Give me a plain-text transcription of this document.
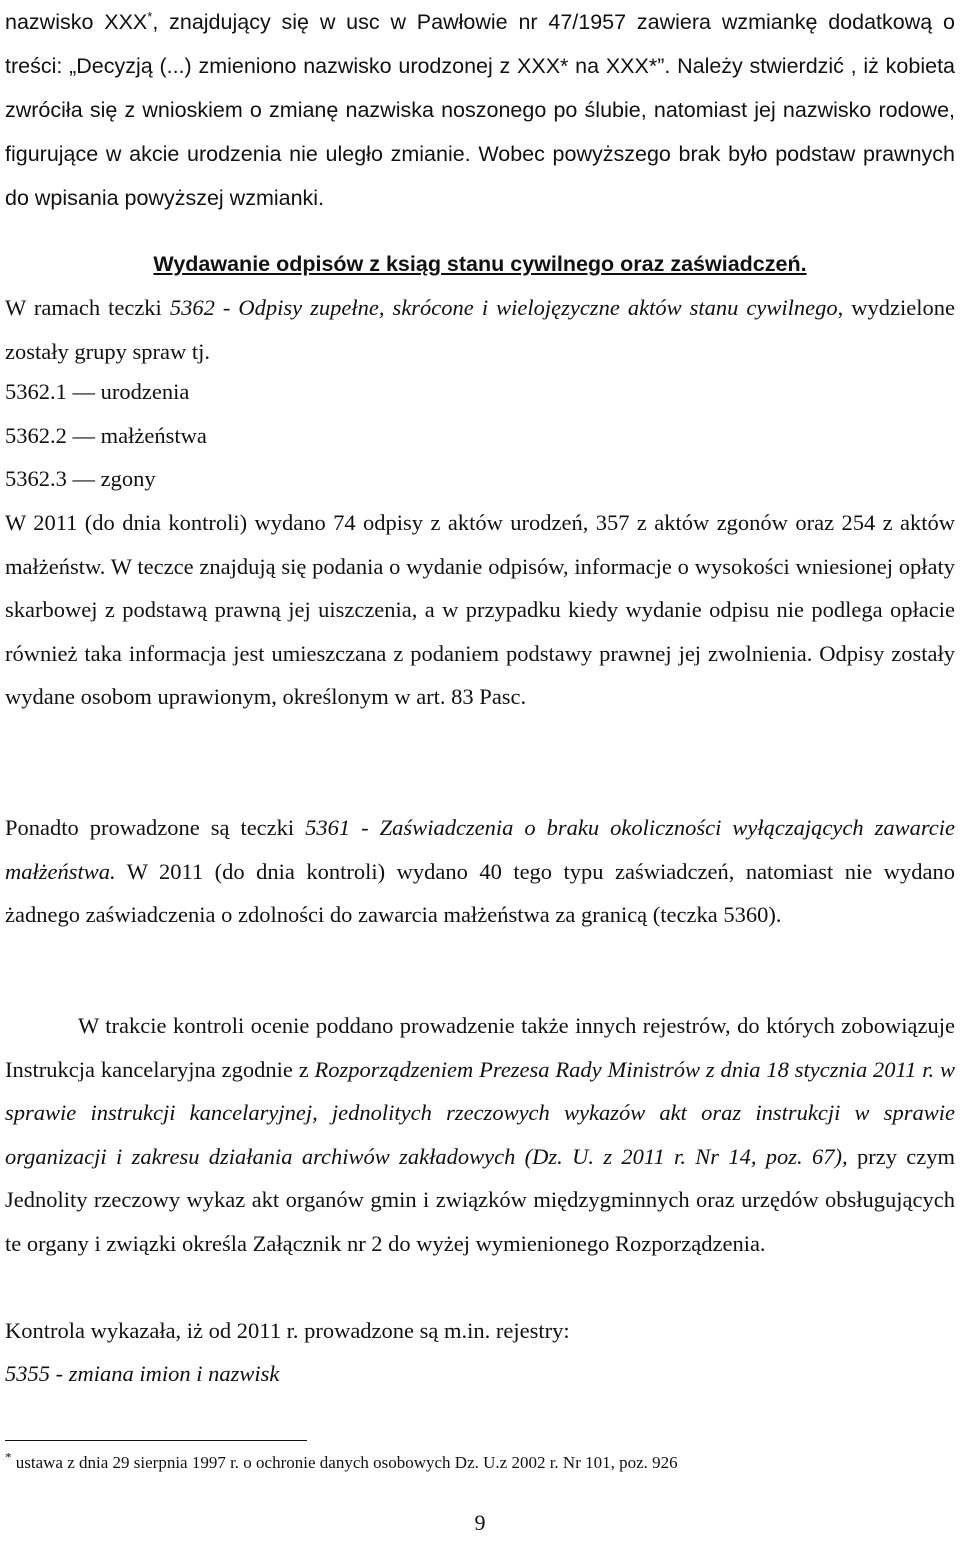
nazwisko XXX*, znajdujący się w usc w Pawłowie nr 47/1957 zawiera wzmiankę dodatkową o treści: „Decyzją (...) zmieniono nazwisko urodzonej z XXX* na XXX*”. Należy stwierdzić , iż kobieta zwróciła się z wnioskiem o zmianę nazwiska noszonego po ślubie, natomiast jej nazwisko rodowe, figurujące w akcie urodzenia nie uległo zmianie. Wobec powyższego brak było podstaw prawnych do wpisania powyższej wzmianki.

Wydawanie odpisów z ksiąg stanu cywilnego oraz zaświadczeń.

W ramach teczki 5362 - Odpisy zupełne, skrócone i wielojęzyczne aktów stanu cywilnego, wydzielone zostały grupy spraw tj.

5362.1 — urodzenia
5362.2 — małżeństwa
5362.3 — zgony

W 2011 (do dnia kontroli) wydano 74 odpisy z aktów urodzeń, 357 z aktów zgonów oraz 254 z aktów małżeństw. W teczce znajdują się podania o wydanie odpisów, informacje o wysokości wniesionej opłaty skarbowej z podstawą prawną jej uiszczenia, a w przypadku kiedy wydanie odpisu nie podlega opłacie również taka informacja jest umieszczana z podaniem podstawy prawnej jej zwolnienia. Odpisy zostały wydane osobom uprawionym, określonym w art. 83 Pasc.

Ponadto prowadzone są teczki 5361 - Zaświadczenia o braku okoliczności wyłączających zawarcie małżeństwa. W 2011 (do dnia kontroli) wydano 40 tego typu zaświadczeń, natomiast nie wydano żadnego zaświadczenia o zdolności do zawarcia małżeństwa za granicą (teczka 5360).

W trakcie kontroli ocenie poddano prowadzenie także innych rejestrów, do których zobowiązuje Instrukcja kancelaryjna zgodnie z Rozporządzeniem Prezesa Rady Ministrów z dnia 18 stycznia 2011 r. w sprawie instrukcji kancelaryjnej, jednolitych rzeczowych wykazów akt oraz instrukcji w sprawie organizacji i zakresu działania archiwów zakładowych (Dz. U. z 2011 r. Nr 14, poz. 67), przy czym Jednolity rzeczowy wykaz akt organów gmin i związków międzygminnych oraz urzędów obsługujących te organy i związki określa Załącznik nr 2 do wyżej wymienionego Rozporządzenia.

Kontrola wykazała, iż od 2011 r. prowadzone są m.in. rejestry:
5355 - zmiana imion i nazwisk
* ustawa z dnia 29 sierpnia 1997 r. o ochronie danych osobowych Dz. U.z 2002 r. Nr 101, poz. 926
9
